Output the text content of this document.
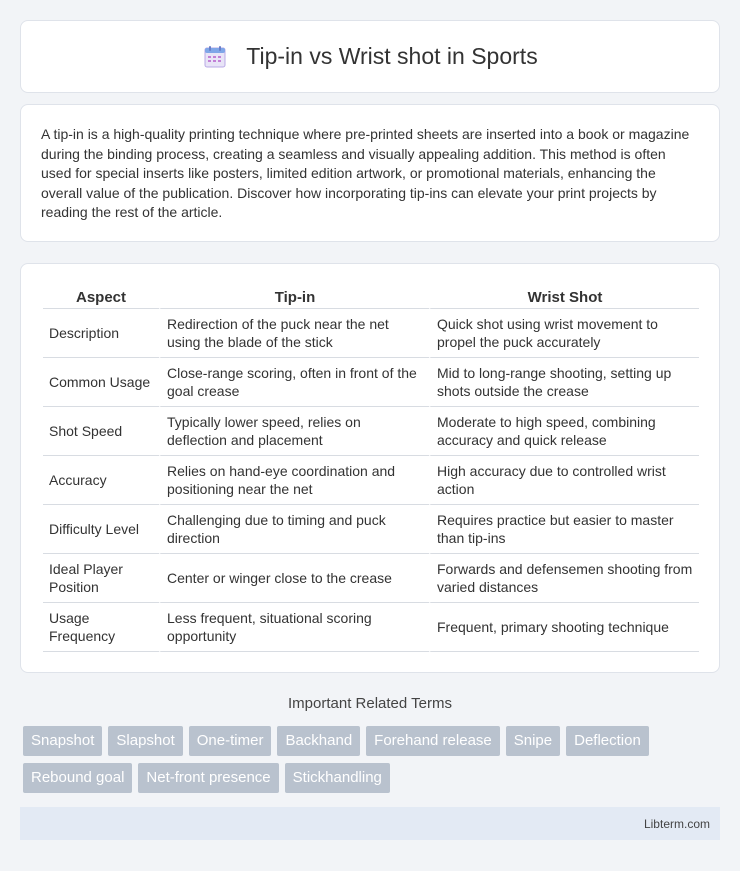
Tip-in vs Wrist shot in Sports

A tip-in is a high-quality printing technique where pre-printed sheets are inserted into a book or magazine during the binding process, creating a seamless and visually appealing addition. This method is often used for special inserts like posters, limited edition artwork, or promotional materials, enhancing the overall value of the publication. Discover how incorporating tip-ins can elevate your print projects by reading the rest of the article.

Aspect	Tip-in	Wrist Shot
Description	Redirection of the puck near the net using the blade of the stick	Quick shot using wrist movement to propel the puck accurately
Common Usage	Close-range scoring, often in front of the goal crease	Mid to long-range shooting, setting up shots outside the crease
Shot Speed	Typically lower speed, relies on deflection and placement	Moderate to high speed, combining accuracy and quick release
Accuracy	Relies on hand-eye coordination and positioning near the net	High accuracy due to controlled wrist action
Difficulty Level	Challenging due to timing and puck direction	Requires practice but easier to master than tip-ins
Ideal Player Position	Center or winger close to the crease	Forwards and defensemen shooting from varied distances
Usage Frequency	Less frequent, situational scoring opportunity	Frequent, primary shooting technique
Important Related Terms
Snapshot	Slapshot	One-timer	Backhand	Forehand release	Snipe	Deflection
Rebound goal	Net-front presence	Stickhandling
Libterm.com
